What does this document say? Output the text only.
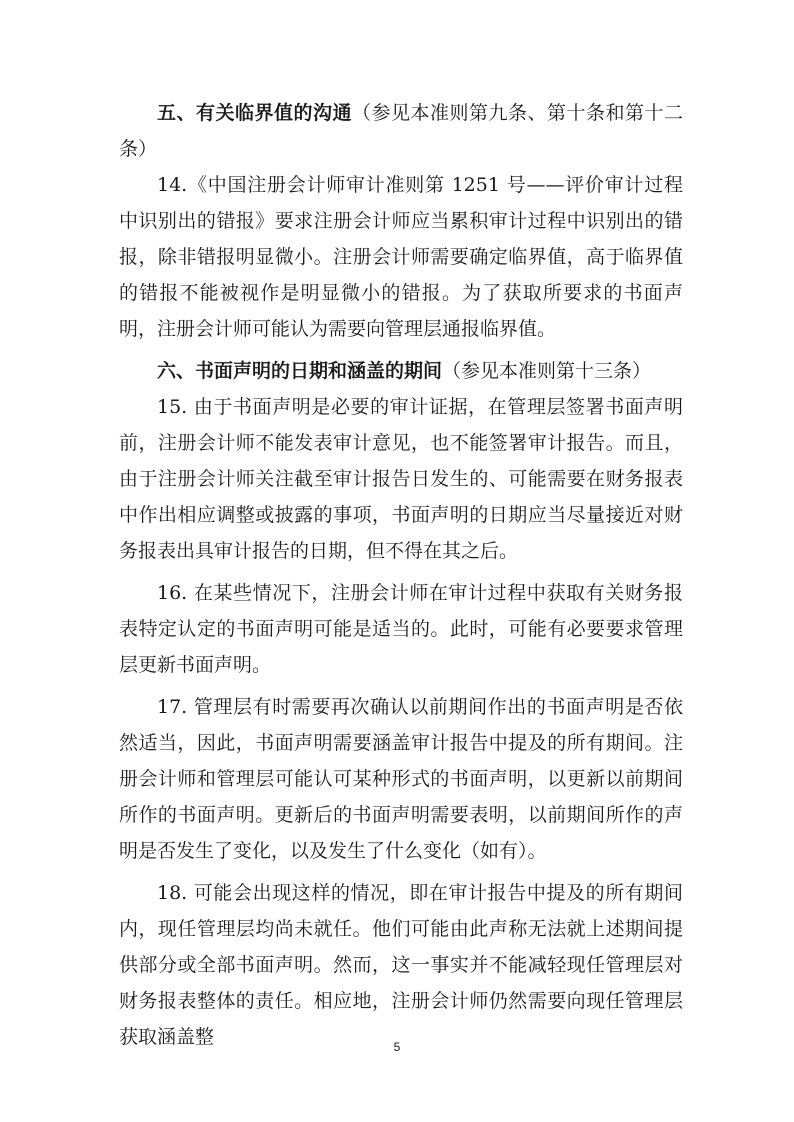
五、有关临界值的沟通（参见本准则第九条、第十条和第十二条）

14.《中国注册会计师审计准则第 1251 号——评价审计过程中识别出的错报》要求注册会计师应当累积审计过程中识别出的错报，除非错报明显微小。注册会计师需要确定临界值，高于临界值的错报不能被视作是明显微小的错报。为了获取所要求的书面声明，注册会计师可能认为需要向管理层通报临界值。

六、书面声明的日期和涵盖的期间（参见本准则第十三条）

15. 由于书面声明是必要的审计证据，在管理层签署书面声明前，注册会计师不能发表审计意见，也不能签署审计报告。而且，由于注册会计师关注截至审计报告日发生的、可能需要在财务报表中作出相应调整或披露的事项，书面声明的日期应当尽量接近对财务报表出具审计报告的日期，但不得在其之后。

16. 在某些情况下，注册会计师在审计过程中获取有关财务报表特定认定的书面声明可能是适当的。此时，可能有必要要求管理层更新书面声明。

17. 管理层有时需要再次确认以前期间作出的书面声明是否依然适当，因此，书面声明需要涵盖审计报告中提及的所有期间。注册会计师和管理层可能认可某种形式的书面声明，以更新以前期间所作的书面声明。更新后的书面声明需要表明，以前期间所作的声明是否发生了变化，以及发生了什么变化（如有）。

18. 可能会出现这样的情况，即在审计报告中提及的所有期间内，现任管理层均尚未就任。他们可能由此声称无法就上述期间提供部分或全部书面声明。然而，这一事实并不能减轻现任管理层对财务报表整体的责任。相应地，注册会计师仍然需要向现任管理层获取涵盖整	5
